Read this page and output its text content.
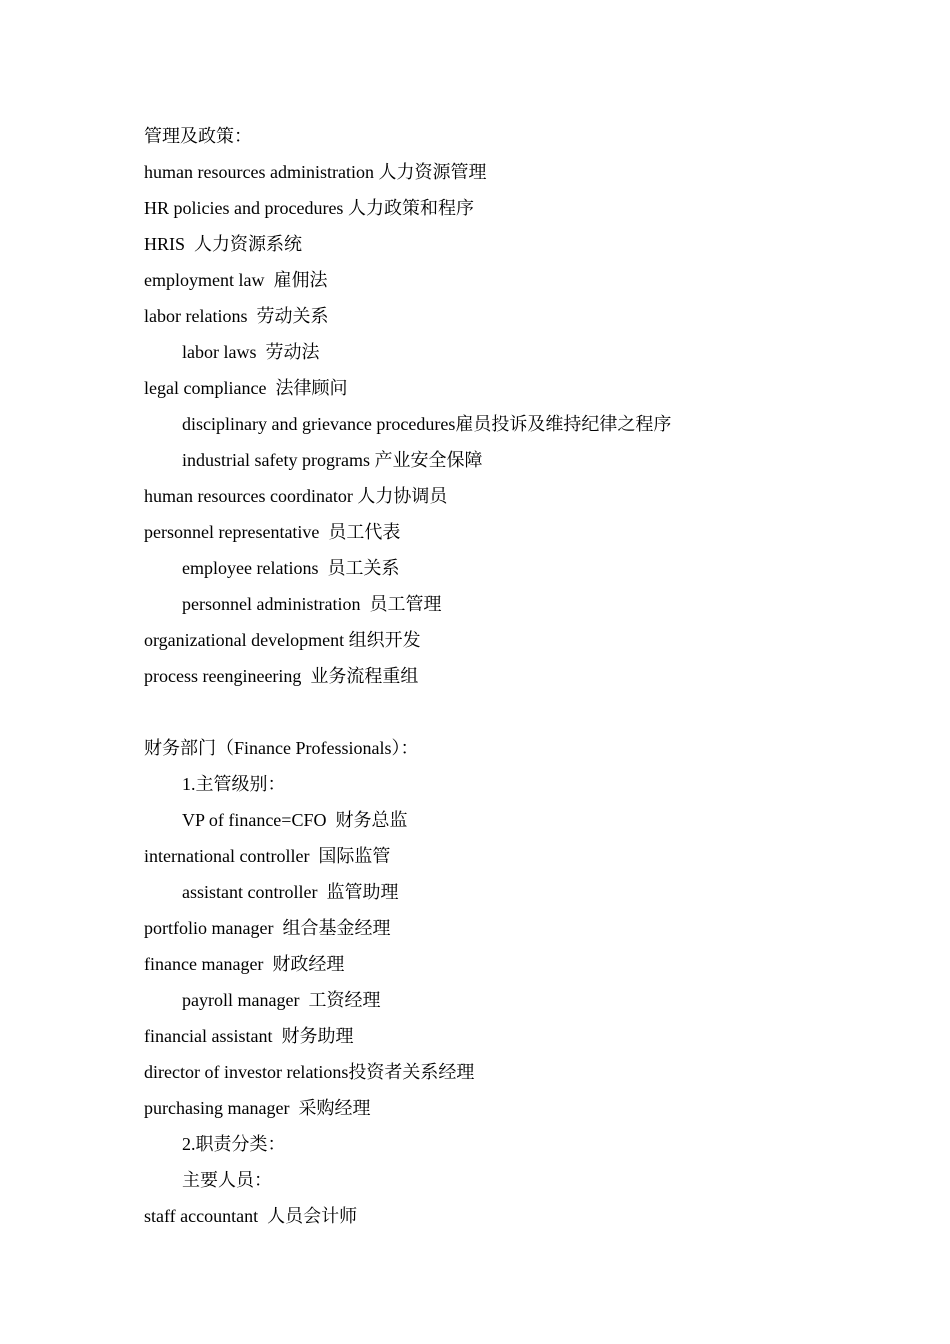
管理及政策：
human resources administration 人力资源管理
HR policies and procedures 人力政策和程序
HRIS  人力资源系统
employment law  雇佣法
labor relations  劳动关系
labor laws  劳动法
legal compliance  法律顾问
disciplinary and grievance procedures雇员投诉及维持纪律之程序
industrial safety programs 产业安全保障
human resources coordinator 人力协调员
personnel representative  员工代表
employee relations  员工关系
personnel administration  员工管理
organizational development 组织开发
process reengineering  业务流程重组
财务部门（Finance Professionals）：
1.主管级别：
VP of finance=CFO  财务总监
international controller  国际监管
assistant controller  监管助理
portfolio manager  组合基金经理
finance manager  财政经理
payroll manager  工资经理
financial assistant  财务助理
director of investor relations投资者关系经理
purchasing manager  采购经理
2.职责分类：
主要人员：
staff accountant  人员会计师
